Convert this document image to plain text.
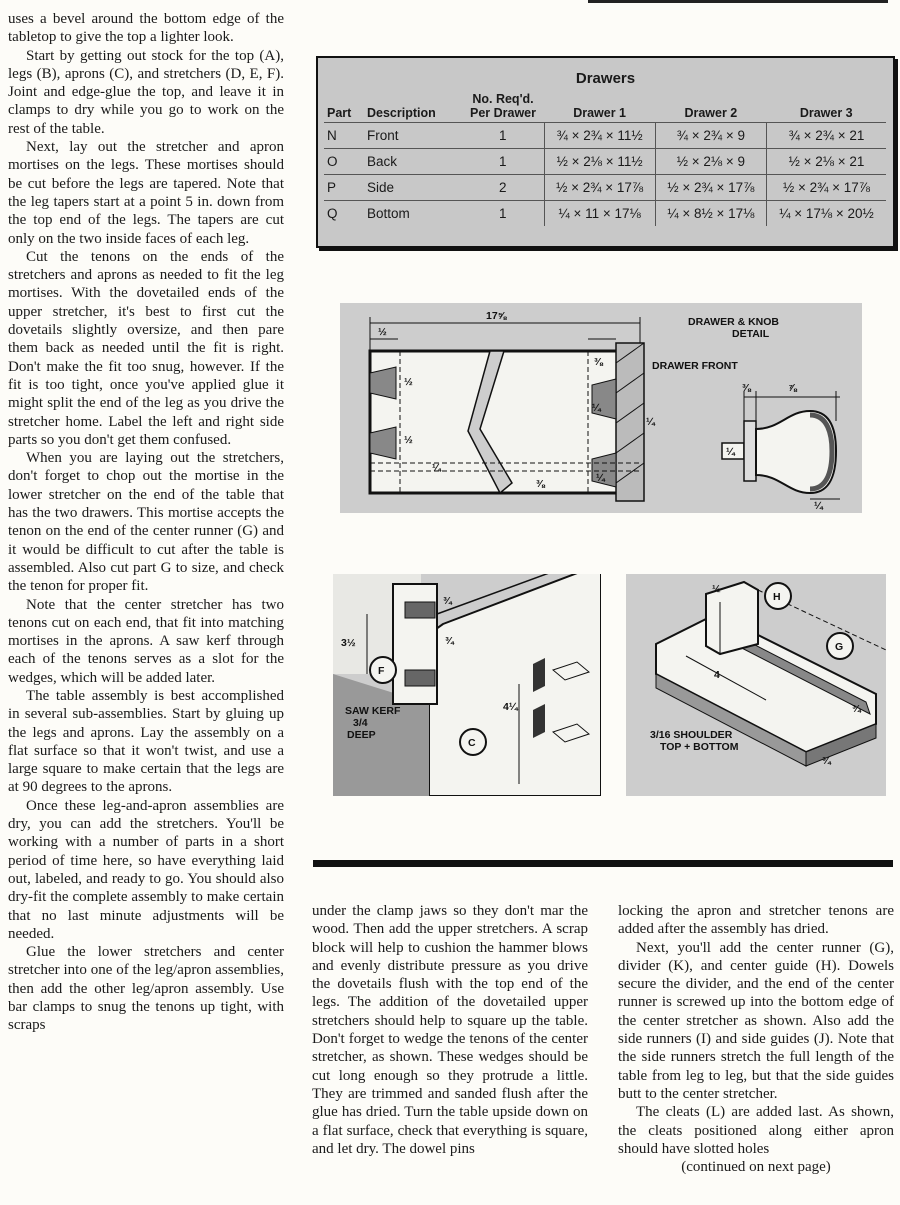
uses a bevel around the bottom edge of the tabletop to give the top a lighter look.

Start by getting out stock for the top (A), legs (B), aprons (C), and stretchers (D, E, F). Joint and edge-glue the top, and leave it in clamps to dry while you go to work on the rest of the table.

Next, lay out the stretcher and apron mortises on the legs. These mortises should be cut before the legs are tapered. Note that the leg tapers start at a point 5 in. down from the top end of the legs. The tapers are cut only on the two inside faces of each leg.

Cut the tenons on the ends of the stretchers and aprons as needed to fit the leg mortises. With the dovetailed ends of the upper stretcher, it's best to first cut the dovetails slightly oversize, and then pare them back as needed until the fit is right. Don't make the fit too snug, however. If the fit is too tight, once you've applied glue it might split the end of the leg as you drive the stretcher home. Label the left and right side parts so you don't get them confused.

When you are laying out the stretchers, don't forget to chop out the mortise in the lower stretcher on the end of the table that has the two drawers. This mortise accepts the tenon on the end of the center runner (G) and it would be difficult to cut after the table is assembled. Also cut part G to size, and check the tenon for proper fit.

Note that the center stretcher has two tenons cut on each end, that fit into matching mortises in the aprons. A saw kerf through each of the tenons serves as a slot for the wedges, which will be added later.

The table assembly is best accomplished in several sub-assemblies. Start by gluing up the legs and aprons. Lay the assembly on a flat surface so that it won't twist, and use a large square to make certain that the legs are at 90 degrees to the aprons.

Once these leg-and-apron assemblies are dry, you can add the stretchers. You'll be working with a number of parts in a short period of time here, so have everything laid out, labeled, and ready to go. You should also dry-fit the complete assembly to make certain that no last minute adjustments will be needed.

Glue the lower stretchers and center stretcher into one of the leg/apron assemblies, then add the other leg/apron assembly. Use bar clamps to snug the tenons up tight, with scraps

Drawers
Part	Description	No. Req'd. Per Drawer	Drawer 1	Drawer 2	Drawer 3
N	Front	1	¾ × 2¾ × 11½	¾ × 2¾ × 9	¾ × 2¾ × 21
O	Back	1	½ × 2⅛ × 11½	½ × 2⅛ × 9	½ × 2⅛ × 21
P	Side	2	½ × 2¾ × 17⅞	½ × 2¾ × 17⅞	½ × 2¾ × 17⅞
Q	Bottom	1	¼ × 11 × 17⅛	¼ × 8½ × 17⅛	¼ × 17⅛ × 20½
DRAWER & KNOB
DETAIL
DRAWER FRONT
17⅝
½
½
⅜
¼
¼
½
¼
⅜
¼
⅜	⅞
¼
¼
F
C
SAW KERF
3/4
DEEP
3½
¾
¾
4¼
H
G
3/16 SHOULDER
TOP + BOTTOM
½
4
¾
¾

under the clamp jaws so they don't mar the wood. Then add the upper stretchers. A scrap block will help to cushion the hammer blows and evenly distribute pressure as you drive the dovetails flush with the top end of the legs. The addition of the dovetailed upper stretchers should help to square up the table. Don't forget to wedge the tenons of the center stretcher, as shown. These wedges should be cut long enough so they protrude a little. They are trimmed and sanded flush after the glue has dried. Turn the table upside down on a flat surface, check that everything is square, and let dry. The dowel pins

locking the apron and stretcher tenons are added after the assembly has dried.

Next, you'll add the center runner (G), divider (K), and center guide (H). Dowels secure the divider, and the end of the center runner is screwed up into the bottom edge of the center stretcher as shown. Also add the side runners (I) and side guides (J). Note that the side runners stretch the full length of the table from leg to leg, but that the side guides butt to the center stretcher.

The cleats (L) are added last. As shown, the cleats positioned along either apron should have slotted holes

(continued on next page)
